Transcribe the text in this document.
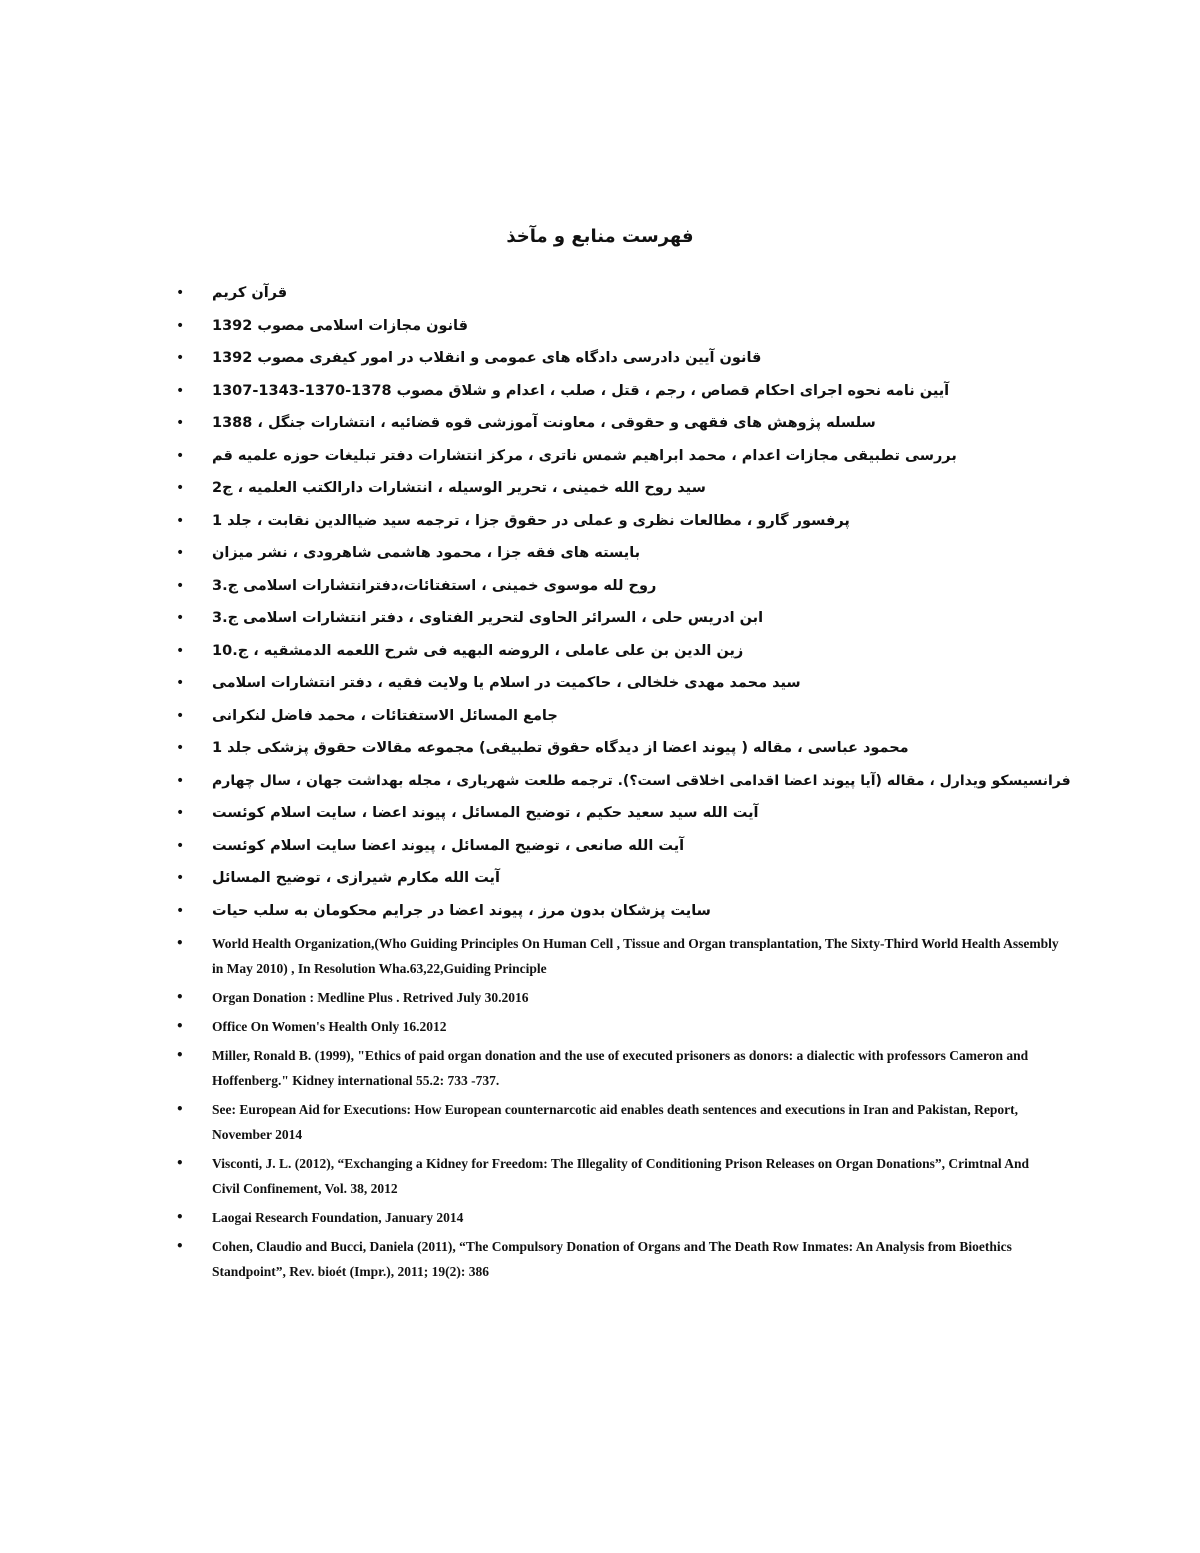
فهرست منابع و مآخذ
• قرآن کریم
• قانون مجازات اسلامی مصوب 1392
• قانون آیین دادرسی دادگاه های عمومی و انقلاب در امور کیفری مصوب 1392
• آیین نامه نحوه اجرای احکام قصاص ، رجم ، قتل ، صلب ، اعدام و شلاق مصوب 1378-1370-1343-1307
• سلسله پژوهش های فقهی و حقوقی ، معاونت آموزشی قوه قضائیه ، انتشارات جنگل ، 1388
• بررسی تطبیقی مجازات اعدام ، محمد ابراهیم شمس ناتری ، مرکز انتشارات دفتر تبلیغات حوزه علمیه قم
• سید روح الله خمینی ، تحریر الوسیله ، انتشارات دارالکتب العلمیه ، ج2
• پرفسور گارو ، مطالعات نظری و عملی در حقوق جزا ، ترجمه سید ضیاالدین نقابت ، جلد 1
• بایسته های فقه جزا ، محمود هاشمی شاهرودی ، نشر میزان
• روح لله موسوی خمینی ، استفتائات،دفترانتشارات اسلامی ج.3
• ابن ادریس حلی ، السرائر الحاوی لتحریر الفتاوی ، دفتر انتشارات اسلامی ج.3
• زین الدین بن علی عاملی ، الروضه البهیه فی شرح اللعمه الدمشقیه ، ج.10
• سید محمد مهدی خلخالی ، حاکمیت در اسلام یا ولایت فقیه ، دفتر انتشارات اسلامی
• جامع المسائل الاستفتائات ، محمد فاضل لنکرانی
• محمود عباسی ، مقاله ( پیوند اعضا از دیدگاه حقوق تطبیقی) مجموعه مقالات حقوق پزشکی جلد 1
• فرانسیسکو ویدارل ، مقاله (آیا پیوند اعضا اقدامی اخلاقی است؟). ترجمه طلعت شهریاری ، مجله بهداشت جهان ، سال چهارم
• آیت الله سید سعید حکیم ، توضیح المسائل ، پیوند اعضا ، سایت اسلام کوئست
• آیت الله صانعی ، توضیح المسائل ، پیوند اعضا سایت اسلام کوئست
• آیت الله مکارم شیرازی ، توضیح المسائل
• سایت پزشکان بدون مرز ، پیوند اعضا در جرایم محکومان به سلب حیات
• World Health Organization,(Who Guiding Principles On Human Cell , Tissue and Organ transplantation, The Sixty-Third World Health Assembly in May 2010) , In Resolution Wha.63,22,Guiding Principle
• Organ Donation : Medline Plus . Retrived July 30.2016
• Office On Women's Health Only 16.2012
• Miller, Ronald B. (1999), "Ethics of paid organ donation and the use of executed prisoners as donors: a dialectic with professors Cameron and Hoffenberg." Kidney international 55.2: 733 -737.
• See: European Aid for Executions: How European counternarcotic aid enables death sentences and executions in Iran and Pakistan, Report, November 2014
• Visconti, J. L. (2012), “Exchanging a Kidney for Freedom: The Illegality of Conditioning Prison Releases on Organ Donations”, Crimtnal And Civil Confinement, Vol. 38, 2012
• Laogai Research Foundation, January 2014
• Cohen, Claudio and Bucci, Daniela (2011), “The Compulsory Donation of Organs and The Death Row Inmates: An Analysis from Bioethics Standpoint”, Rev. bioét (Impr.), 2011; 19(2): 386
